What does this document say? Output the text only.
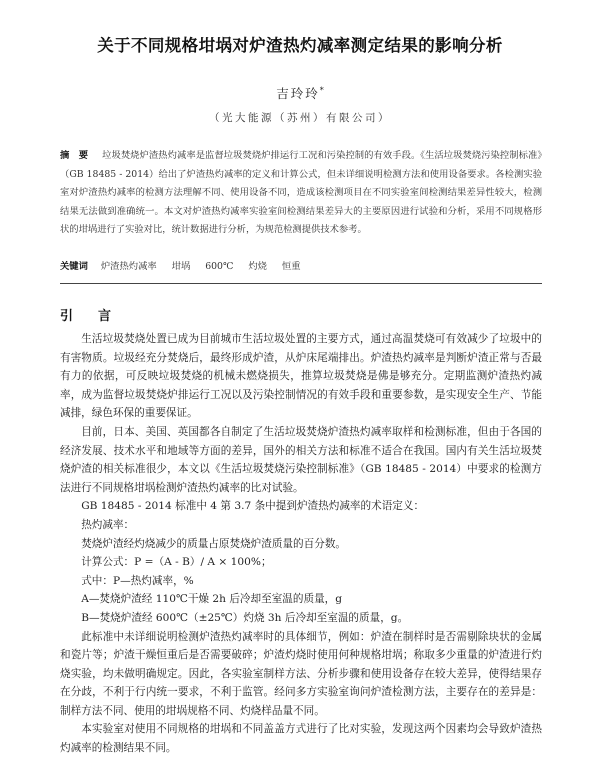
关于不同规格坩埚对炉渣热灼减率测定结果的影响分析
吉玲玲*
（光大能源（苏州）有限公司）
摘　要 垃圾焚烧炉渣热灼减率是监督垃圾焚烧炉排运行工况和污染控制的有效手段。《生活垃圾焚烧污染控制标准》（GB 18485 - 2014）给出了炉渣热灼减率的定义和计算公式，但未详细说明检测方法和使用设备要求。各检测实验室对炉渣热灼减率的检测方法理解不同、使用设备不同，造成该检测项目在不同实验室间检测结果差异性较大，检测结果无法做到准确统一。本文对炉渣热灼减率实验室间检测结果差异大的主要原因进行试验和分析，采用不同规格形状的坩埚进行了实验对比，统计数据进行分析，为规范检测提供技术参考。
关键词 炉渣热灼减率 坩埚 600℃ 灼烧 恒重
引　言

生活垃圾焚烧处置已成为目前城市生活垃圾处置的主要方式，通过高温焚烧可有效减少了垃圾中的有害物质。垃圾经充分焚烧后，最终形成炉渣，从炉床尾端排出。炉渣热灼减率是判断炉渣正常与否最有力的依据，可反映垃圾焚烧的机械未燃烧损失，推算垃圾焚烧是佛是够充分。定期监测炉渣热灼减率，成为监督垃圾焚烧炉排运行工况以及污染控制情况的有效手段和重要参数，是实现安全生产、节能减排，绿色环保的重要保证。

目前，日本、美国、英国都各自制定了生活垃圾焚烧炉渣热灼减率取样和检测标准，但由于各国的经济发展、技术水平和地域等方面的差异，国外的相关方法和标准不适合在我国。国内有关生活垃圾焚烧炉渣的相关标准很少，本文以《生活垃圾焚烧污染控制标准》（GB 18485 - 2014）中要求的检测方法进行不同规格坩埚检测炉渣热灼减率的比对试验。

GB 18485 - 2014 标准中 4 第 3.7 条中提到炉渣热灼减率的术语定义：

热灼减率：

焚烧炉渣经灼烧减少的质量占原焚烧炉渣质量的百分数。

计算公式：P =（A - B）/ A × 100%；

式中：P—热灼减率，%

A—焚烧炉渣经 110℃干燥 2h 后冷却至室温的质量，g

B—焚烧炉渣经 600℃（±25℃）灼烧 3h 后冷却至室温的质量，g。

此标准中未详细说明检测炉渣热灼减率时的具体细节，例如：炉渣在制样时是否需剔除块状的金属和瓷片等；炉渣干燥恒重后是否需要破碎；炉渣灼烧时使用何种规格坩埚；称取多少重量的炉渣进行灼烧实验，均未做明确规定。因此，各实验室制样方法、分析步骤和使用设备存在较大差异，使得结果存在分歧，不利于行内统一要求，不利于监管。经问多方实验室询问炉渣检测方法，主要存在的差异是：制样方法不同、使用的坩埚规格不同、灼烧样品量不同。

本实验室对使用不同规格的坩埚和不同盖盖方式进行了比对实验，发现这两个因素均会导致炉渣热灼减率的检测结果不同。
